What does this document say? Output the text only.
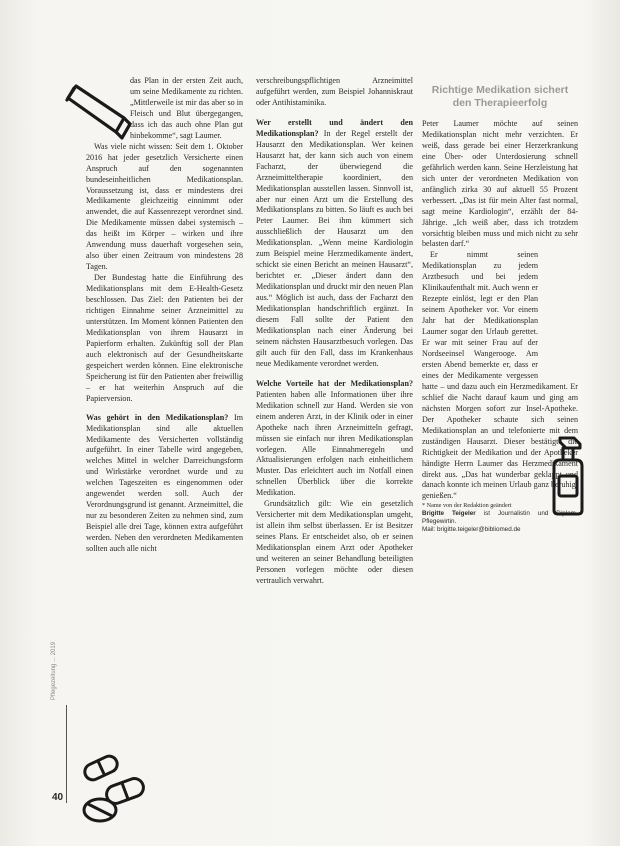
das Plan in der ersten Zeit auch, um seine Medikamente zu richten. „Mittlerweile ist mir das aber so in Fleisch und Blut übergegangen, dass ich das auch ohne Plan gut hinbekomme“, sagt Laumer.

Was viele nicht wissen: Seit dem 1. Oktober 2016 hat jeder gesetzlich Versicherte einen Anspruch auf den sogenannten bundeseinheitlichen Medikationsplan. Voraussetzung ist, dass er mindestens drei Medikamente gleichzeitig einnimmt oder anwendet, die auf Kassenrezept verordnet sind. Die Medikamente müssen dabei systemisch – das heißt im Körper – wirken und ihre Anwendung muss dauerhaft vorgesehen sein, also über einen Zeitraum von mindestens 28 Tagen.

Der Bundestag hatte die Einführung des Medikationsplans mit dem E-Health-Gesetz beschlossen. Das Ziel: den Patienten bei der richtigen Einnahme seiner Arzneimittel zu unterstützen. Im Moment können Patienten den Medikationsplan von ihrem Hausarzt in Papierform erhalten. Zukünftig soll der Plan auch elektronisch auf der Gesundheitskarte gespeichert werden können. Eine elektronische Speicherung ist für den Patienten aber freiwillig – er hat weiterhin Anspruch auf die Papierversion.

Was gehört in den Medikationsplan? Im Medikationsplan sind alle aktuellen Medikamente des Versicherten vollständig aufgeführt. In einer Tabelle wird angegeben, welches Mittel in welcher Darreichungsform und Wirkstärke verordnet wurde und zu welchen Tageszeiten es eingenommen oder angewendet werden soll. Auch der Verordnungsgrund ist genannt. Arzneimittel, die nur zu besonderen Zeiten zu nehmen sind, zum Beispiel alle drei Tage, können extra aufgeführt werden. Neben den verordneten Medikamenten sollten auch alle nicht

verschreibungspflichtigen Arzneimittel aufgeführt werden, zum Beispiel Johanniskraut oder Antihistaminika.

Wer erstellt und ändert den Medikationsplan? In der Regel erstellt der Hausarzt den Medikationsplan. Wer keinen Hausarzt hat, der kann sich auch von einem Facharzt, der überwiegend die Arzneimitteltherapie koordiniert, den Medikationsplan ausstellen lassen. Sinnvoll ist, aber nur einen Arzt um die Erstellung des Medikationsplans zu bitten. So läuft es auch bei Peter Laumer. Bei ihm kümmert sich ausschließlich der Hausarzt um den Medikationsplan. „Wenn meine Kardiologin zum Beispiel meine Herzmedikamente ändert, schickt sie einen Bericht an meinen Hausarzt“, berichtet er. „Dieser ändert dann den Medikationsplan und druckt mir den neuen Plan aus.“ Möglich ist auch, dass der Facharzt den Medikationsplan handschriftlich ergänzt. In diesem Fall sollte der Patient den Medikationsplan nach einer Änderung bei seinem nächsten Hausarztbesuch vorlegen. Das gilt auch für den Fall, dass im Krankenhaus neue Medikamente verordnet werden.

Welche Vorteile hat der Medikationsplan? Patienten haben alle Informationen über ihre Medikation schnell zur Hand. Werden sie von einem anderen Arzt, in der Klinik oder in einer Apotheke nach ihren Arzneimitteln gefragt, müssen sie einfach nur ihren Medikationsplan vorlegen. Alle Einnahmeregeln und Aktualisierungen erfolgen nach einheitlichem Muster. Das erleichtert auch im Notfall einen schnellen Überblick über die korrekte Medikation.

Grundsätzlich gilt: Wie ein gesetzlich Versicherter mit dem Medikationsplan umgeht, ist allein ihm selbst überlassen. Er ist Besitzer seines Plans. Er entscheidet also, ob er seinen Medikationsplan einem Arzt oder Apotheker und weiteren an seiner Behandlung beteiligten Personen vorlegen möchte oder diesen vertraulich verwahrt.

Richtige Medikation sichert den Therapieerfolg

Peter Laumer möchte auf seinen Medikationsplan nicht mehr verzichten. Er weiß, dass gerade bei einer Herzerkrankung eine Über- oder Unterdosierung schnell gefährlich werden kann. Seine Herzleistung hat sich unter der verordneten Medikation von anfänglich zirka 30 auf aktuell 55 Prozent verbessert. „Das ist für mein Alter fast normal, sagt meine Kardiologin“, erzählt der 84-Jährige. „Ich weiß aber, dass ich trotzdem vorsichtig bleiben muss und mich nicht zu sehr belasten darf.“

Er nimmt seinen Medikationsplan zu jedem Arztbesuch und bei jedem Klinikaufenthalt mit. Auch wenn er Rezepte einlöst, legt er den Plan seinem Apotheker vor. Vor einem Jahr hat der Medikationsplan Laumer sogar den Urlaub gerettet. Er war mit seiner Frau auf der Nordseeinsel Wangerooge. Am ersten Abend bemerkte er, dass er eines der Medikamente vergessen hatte – und dazu auch ein Herzmedikament. Er schlief die Nacht darauf kaum und ging am nächsten Morgen sofort zur Insel-Apotheke. Der Apotheker schaute sich seinen Medikationsplan an und telefonierte mit dem zuständigen Hausarzt. Dieser bestätigte die Richtigkeit der Medikation und der Apotheker händigte Herrn Laumer das Herzmedikament direkt aus. „Das hat wunderbar geklappt und danach konnte ich meinen Urlaub ganz beruhigt genießen.“

* Name von der Redaktion geändert

Brigitte Teigeler ist Journalistin und Diplom-Pflegewirtin.
Mail: brigitte.teigeler@bibliomed.de

Pflegezeitung ... 2019
40
